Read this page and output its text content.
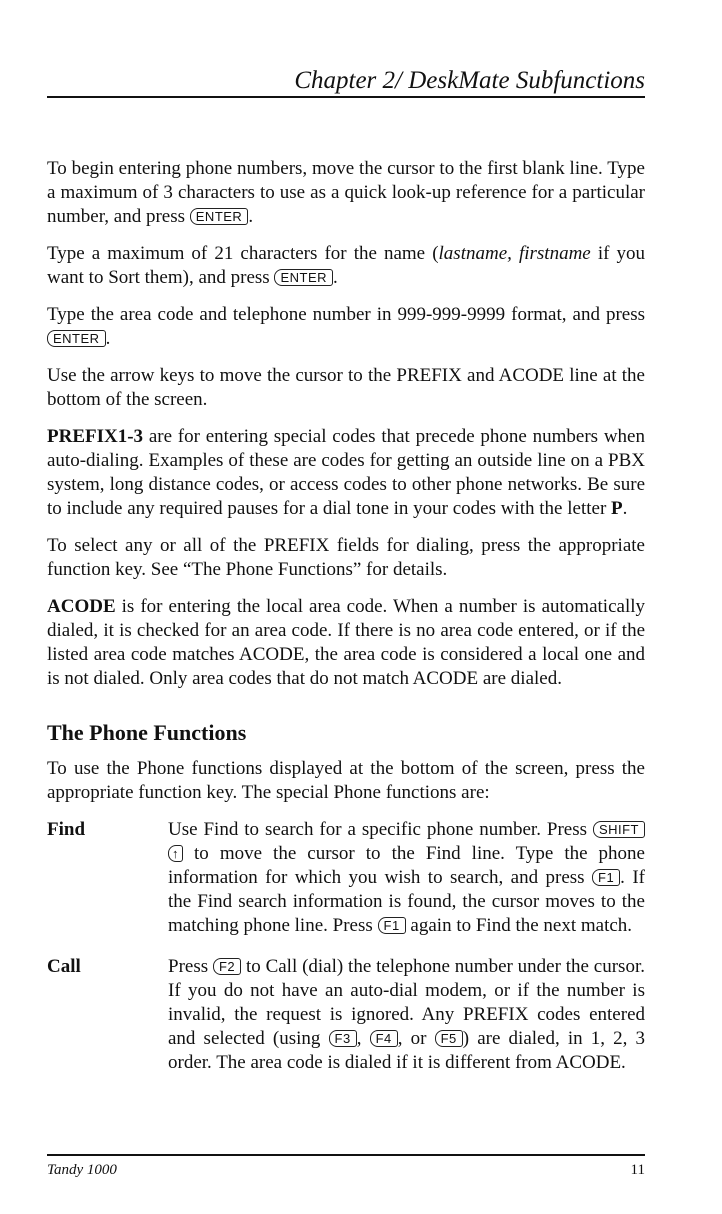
Chapter 2/ DeskMate Subfunctions

To begin entering phone numbers, move the cursor to the first blank line. Type a maximum of 3 characters to use as a quick look-up reference for a particular number, and press ENTER .

Type a maximum of 21 characters for the name (lastname, firstname if you want to Sort them), and press ENTER .

Type the area code and telephone number in 999-999-9999 format, and press ENTER .

Use the arrow keys to move the cursor to the PREFIX and ACODE line at the bottom of the screen.

PREFIX1-3 are for entering special codes that precede phone numbers when auto-dialing. Examples of these are codes for getting an outside line on a PBX system, long distance codes, or access codes to other phone networks. Be sure to include any required pauses for a dial tone in your codes with the letter P.

To select any or all of the PREFIX fields for dialing, press the appropriate function key. See “The Phone Functions” for details.

ACODE is for entering the local area code. When a number is automatically dialed, it is checked for an area code. If there is no area code entered, or if the listed area code matches ACODE, the area code is considered a local one and is not dialed. Only area codes that do not match ACODE are dialed.

The Phone Functions

To use the Phone functions displayed at the bottom of the screen, press the appropriate function key. The special Phone functions are:

Find	Use Find to search for a specific phone number. Press SHIFT ↑ to move the cursor to the Find line. Type the phone information for which you wish to search, and press F1 . If the Find search information is found, the cursor moves to the matching phone line. Press F1 again to Find the next match.
Call	Press F2 to Call (dial) the telephone number under the cursor. If you do not have an auto-dial modem, or if the number is invalid, the request is ignored. Any PREFIX codes entered and selected (using F3 , F4 , or F5 ) are dialed, in 1, 2, 3 order. The area code is dialed if it is different from ACODE.
Tandy 1000	11
